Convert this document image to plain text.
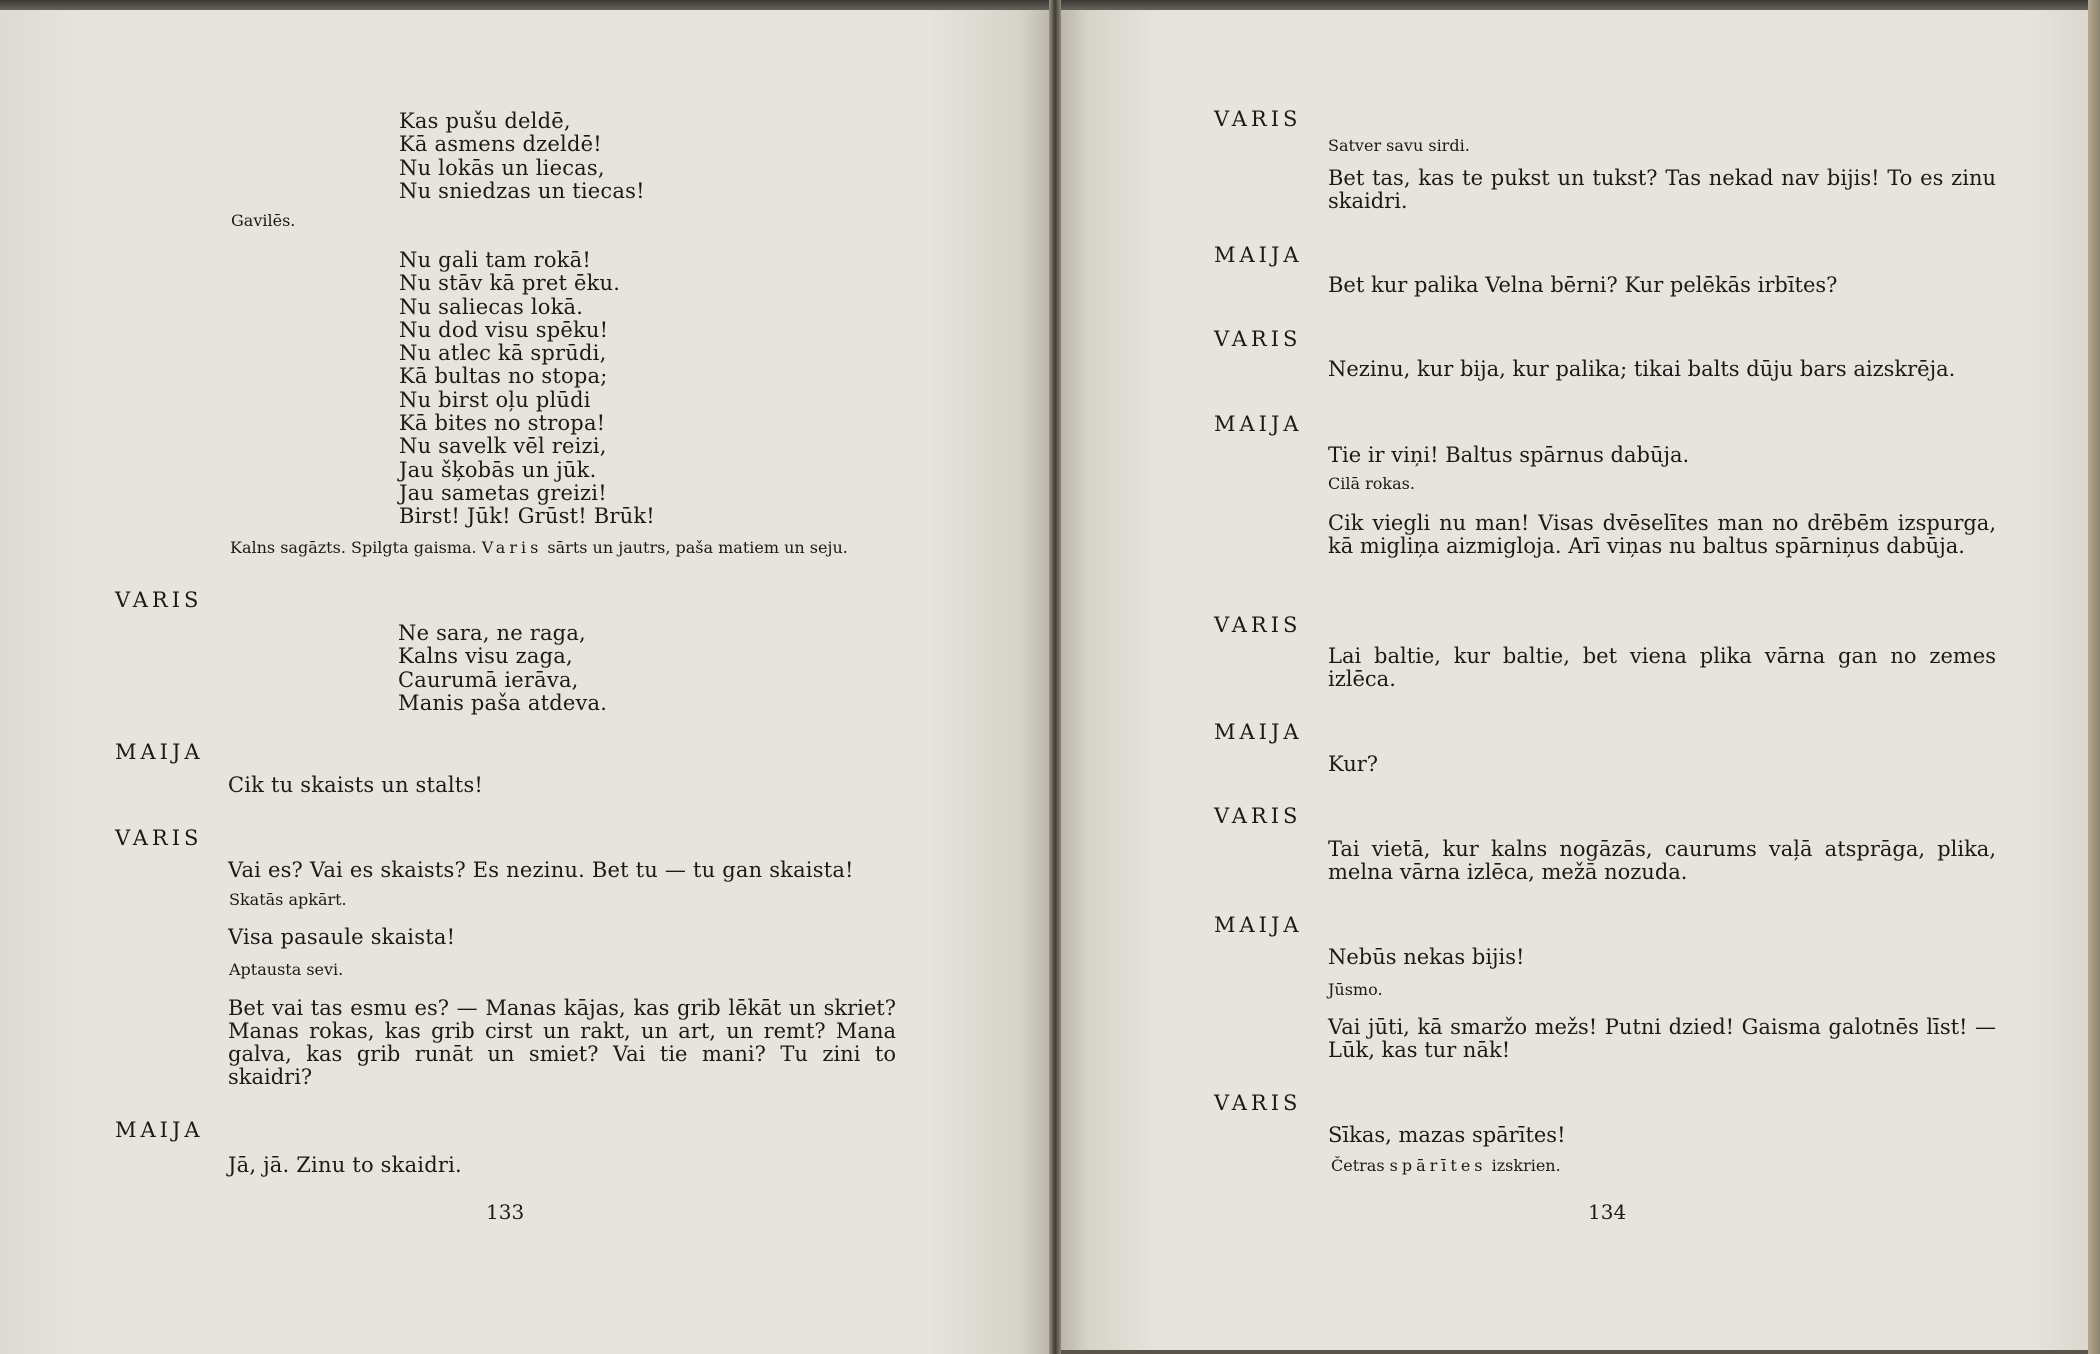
Kas pušu deldē,
Kā asmens dzeldē!
Nu lokās un liecas,
Nu sniedzas un tiecas!
Gavilēs.
Nu gali tam rokā!
Nu stāv kā pret ēku.
Nu saliecas lokā.
Nu dod visu spēku!
Nu atlec kā sprūdi,
Kā bultas no stopa;
Nu birst oļu plūdi
Kā bites no stropa!
Nu savelk vēl reizi,
Jau šķobās un jūk.
Jau sametas greizi!
Birst! Jūk! Grūst! Brūk!
Kalns sagāzts. Spilgta gaisma. Varis sārts un jautrs, paša matiem un seju.
VARIS
Ne sara, ne raga,
Kalns visu zaga,
Caurumā ierāva,
Manis paša atdeva.
MAIJA
Cik tu skaists un stalts!
VARIS
Vai es? Vai es skaists? Es nezinu. Bet tu — tu gan skaista!
Skatās apkārt.
Visa pasaule skaista!
Aptausta sevi.
Bet vai tas esmu es? — Manas kājas, kas grib lēkāt un skriet? Manas rokas, kas grib cirst un rakt, un art, un remt? Mana galva, kas grib runāt un smiet? Vai tie mani? Tu zini to skaidri?
MAIJA
Jā, jā. Zinu to skaidri.
133
VARIS
Satver savu sirdi.
Bet tas, kas te pukst un tukst? Tas nekad nav bijis! To es zinu skaidri.
MAIJA
Bet kur palika Velna bērni? Kur pelēkās irbītes?
VARIS
Nezinu, kur bija, kur palika; tikai balts dūju bars aizskrēja.
MAIJA
Tie ir viņi! Baltus spārnus dabūja.
Cilā rokas.
Cik viegli nu man! Visas dvēselītes man no drēbēm izspurga, kā migliņa aizmigloja. Arī viņas nu baltus spārniņus dabūja.
VARIS
Lai baltie, kur baltie, bet viena plika vārna gan no zemes izlēca.
MAIJA
Kur?
VARIS
Tai vietā, kur kalns nogāzās, caurums vaļā atsprāga, plika, melna vārna izlēca, mežā nozuda.
MAIJA
Nebūs nekas bijis!
Jūsmo.
Vai jūti, kā smaržo mežs! Putni dzied! Gaisma galotnēs līst! — Lūk, kas tur nāk!
VARIS
Sīkas, mazas spārītes!
Četras spārītes izskrien.
134
